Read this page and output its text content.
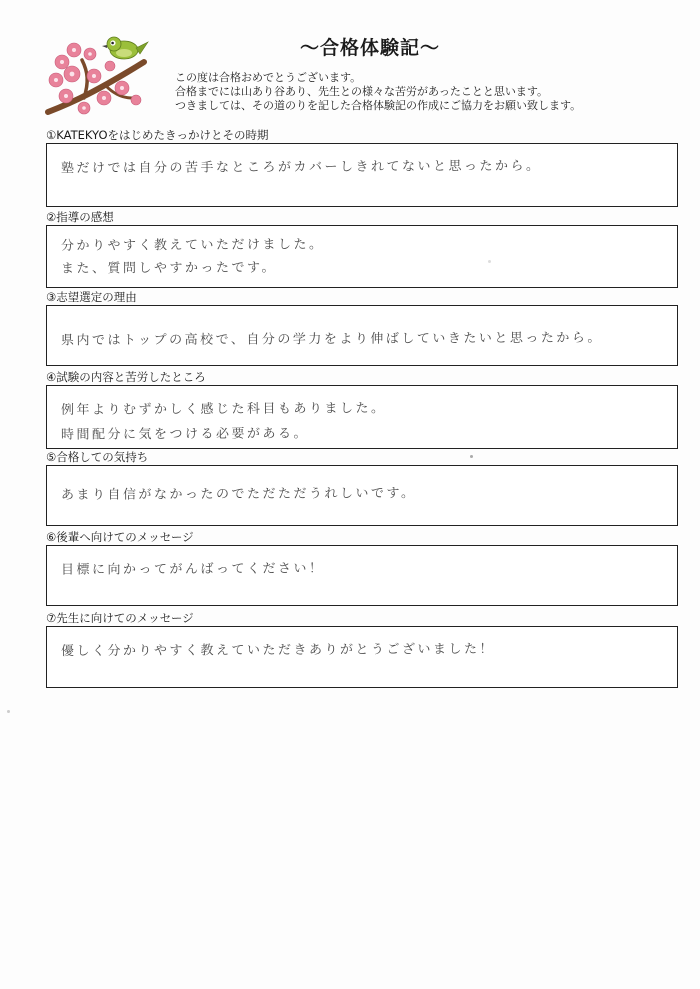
〜合格体験記〜
この度は合格おめでとうございます。
合格までには山あり谷あり、先生との様々な苦労があったことと思います。
つきましては、その道のりを記した合格体験記の作成にご協力をお願い致します。
①KATEKYOをはじめたきっかけとその時期
塾だけでは自分の苦手なところがカバーしきれてないと思ったから。
②指導の感想
分かりやすく教えていただけました。
また、質問しやすかったです。
③志望選定の理由
県内ではトップの高校で、自分の学力をより伸ばしていきたいと思ったから。
④試験の内容と苦労したところ
例年よりむずかしく感じた科目もありました。
時間配分に気をつける必要がある。
⑤合格しての気持ち
あまり自信がなかったのでただただうれしいです。
⑥後輩へ向けてのメッセージ
目標に向かってがんばってください！
⑦先生に向けてのメッセージ
優しく分かりやすく教えていただきありがとうございました！
